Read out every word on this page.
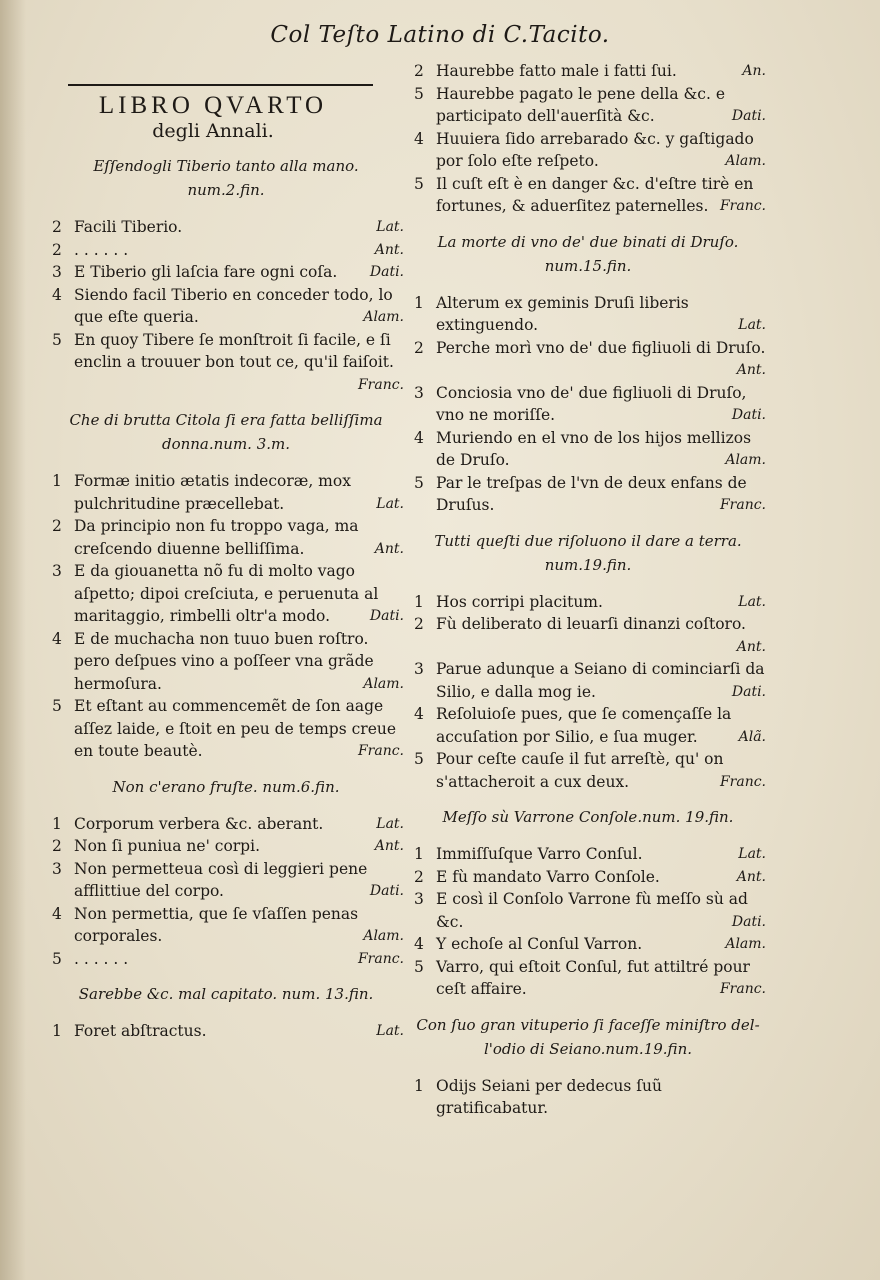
Col Teſto Latino di C.Tacito.
LIBRO QVARTO
degli Annali.
Eſſendogli Tiberio tanto alla mano.
num.2.fin.
2 Facili Tiberio.	Lat.
2 . . . . . .	Ant.
3 E Tiberio gli laſcia fare ogni coſa. Dati.
4 Siendo facil Tiberio en conceder todo, lo que eſte queria.	Alam.
5 En quoy Tibere ſe monſtroit ſi facile, e ſi enclin a trouuer bon tout ce, qu'il faiſoit.
Franc.
Che di brutta Citola ſi era fatta belliſſima
donna.num. 3.m.
1 Formæ initio ætatis indecoræ, mox pulchritudine præcellebat.	Lat.
2 Da principio non fu troppo vaga, ma creſcendo diuenne belliſſima.	Ant.
3 E da giouanetta nõ fu di molto vago aſpetto; dipoi creſciuta, e peruenuta al maritaggio, rimbelli oltr'a modo.	Dati.
4 E de muchacha non tuuo buen roſtro. pero deſpues vino a poſſeer vna grãde hermoſura.	Alam.
5 Et eſtant au commencemẽt de ſon aage aſſez laide, e ſtoit en peu de temps creue en toute beautè.	Franc.
Non c'erano fruſte. num.6.fin.
1 Corporum verbera &c. aberant.	Lat.
2 Non ſi puniua ne' corpi.	Ant.
3 Non permetteua così di leggieri pene afflittiue del corpo.	Dati.
4 Non permettia, que ſe vſaſſen penas corporales.	Alam.
5 . . . . . .	Franc.
Sarebbe &c. mal capitato. num. 13.fin.
1 Foret abſtractus.	Lat.
2 Haurebbe fatto male i fatti ſui.	An.
5 Haurebbe pagato le pene della &c. e participato dell'auerſità &c.	Dati.
4 Huuiera ſido arrebarado &c. y gaſtigado por ſolo eſte reſpeto.	Alam.
5 Il cuſt eſt è en danger &c. d'eſtre tirè en fortunes, & aduerſitez paternelles. Franc.
La morte di vno de' due binati di Druſo.
num.15.fin.
1 Alterum ex geminis Druſi liberis extinguendo.	Lat.
2 Perche morì vno de' due figliuoli di Druſo.
Ant.
3 Conciosia vno de' due figliuoli di Druſo, vno ne moriſſe.	Dati.
4 Muriendo en el vno de los hijos mellizos de Druſo.	Alam.
5 Par le treſpas de l'vn de deux enfans de Druſus.	Franc.
Tutti queſti due riſoluono il dare a terra.
num.19.fin.
1 Hos corripi placitum.	Lat.
2 Fù deliberato di leuarſi dinanzi coſtoro.
Ant.
3 Parue adunque a Seiano di cominciarſi da Silio, e dalla mog ie.	Dati.
4 Reſoluioſe pues, que ſe començaſſe la accuſation por Silio, e ſua muger.	Alã.
5 Pour ceſte cauſe il fut arreſtè, qu' on s'attacheroit a cux deux.	Franc.
Meſſo sù Varrone Conſole.num. 19.fin.
1 Immiſſuſque Varro Conſul.	Lat.
2 E fù mandato Varro Conſole.	Ant.
3 E così il Conſolo Varrone fù meſſo sù ad &c.	Dati.
4 Y echoſe al Conſul Varron.	Alam.
5 Varro, qui eſtoit Conſul, fut attiltré pour ceſt affaire.	Franc.
Con ſuo gran vituperio ſi faceſſe miniſtro del-
l'odio di Seiano.num.19.fin.
1 Odijs Seiani per dedecus ſuũ gratificabatur.
